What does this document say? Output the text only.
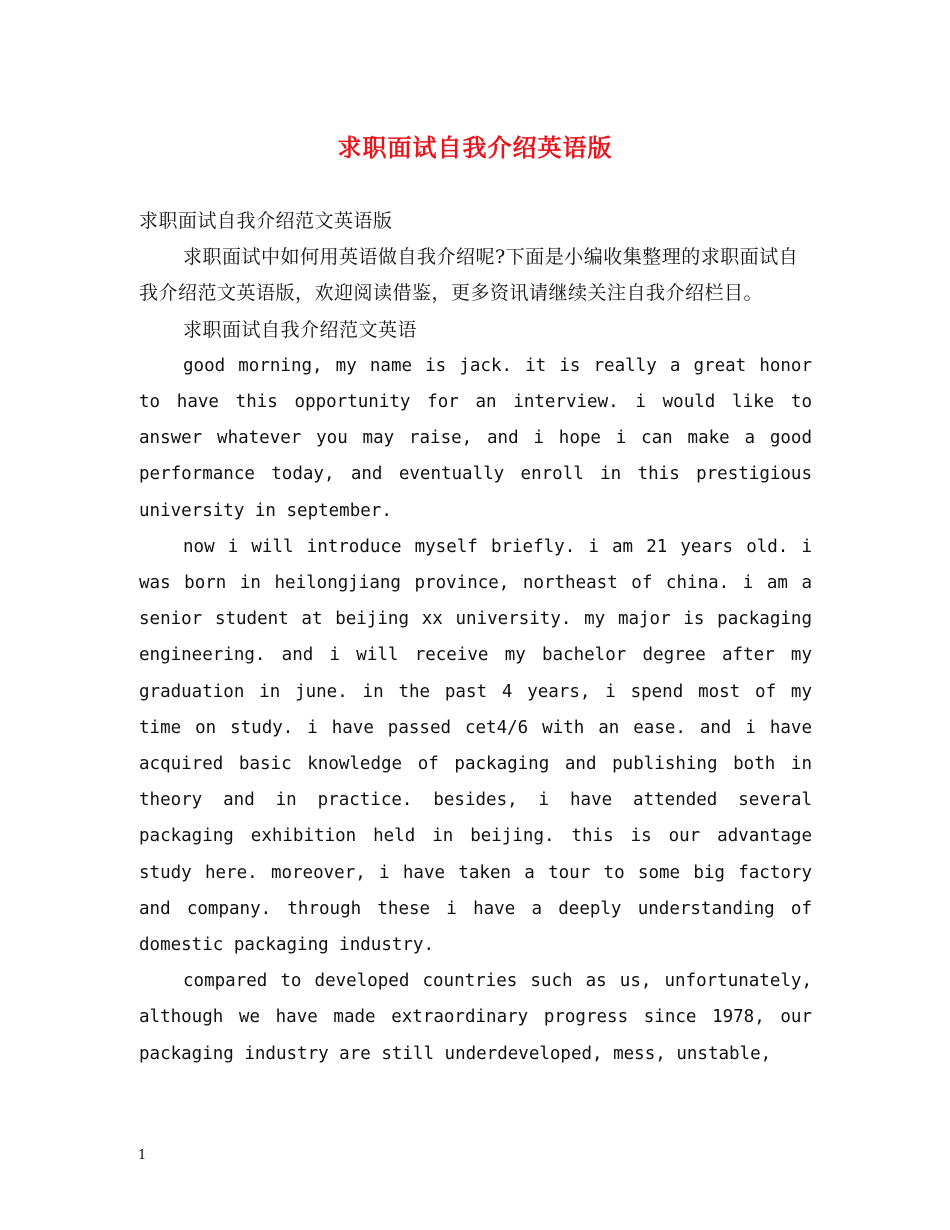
求职面试自我介绍英语版

求职面试自我介绍范文英语版

求职面试中如何用英语做自我介绍呢?下面是小编收集整理的求职面试自我介绍范文英语版，欢迎阅读借鉴，更多资讯请继续关注自我介绍栏目。

求职面试自我介绍范文英语

good morning, my name is jack. it is really a great honor to have this opportunity for an interview. i would like to answer whatever you may raise, and i hope i can make a good performance today, and eventually enroll in this prestigious university in september.

now i will introduce myself briefly. i am 21 years old. i was born in heilongjiang province, northeast of china. i am a senior student at beijing xx university. my major is packaging engineering. and i will receive my bachelor degree after my graduation in june. in the past 4 years, i spend most of my time on study. i have passed cet4/6 with an ease. and i have acquired basic knowledge of packaging and publishing both in theory and in practice. besides, i have attended several packaging exhibition held in beijing. this is our advantage study here. moreover, i have taken a tour to some big factory and company. through these i have a deeply understanding of domestic packaging industry.

compared to developed countries such as us, unfortunately, although we have made extraordinary progress since 1978, our packaging industry are still underdeveloped, mess, unstable,

1
